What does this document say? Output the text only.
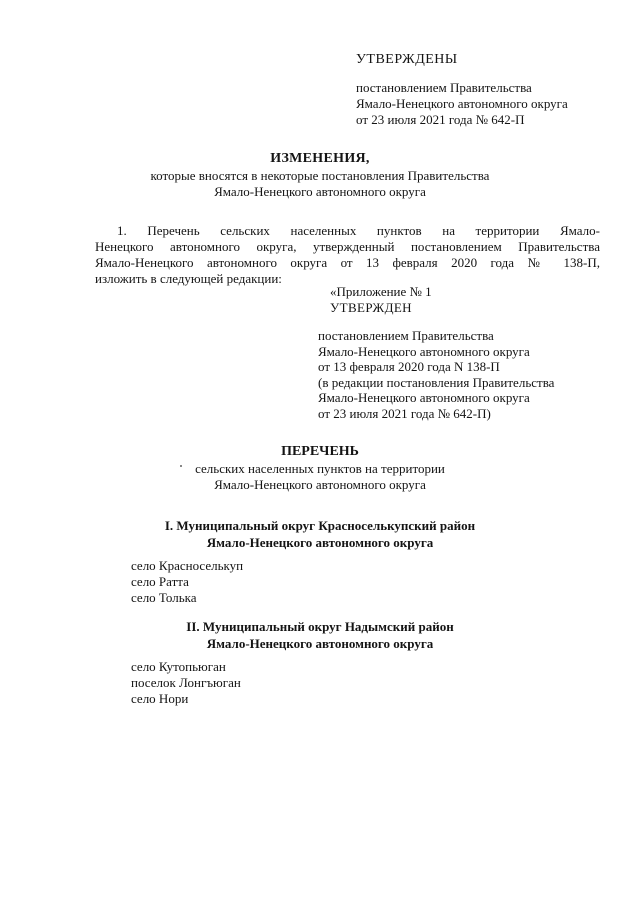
УТВЕРЖДЕНЫ
постановлением Правительства
Ямало-Ненецкого автономного округа
от 23 июля 2021 года № 642-П
ИЗМЕНЕНИЯ,
которые вносятся в некоторые постановления Правительства
Ямало-Ненецкого автономного округа
1. Перечень сельских населенных пунктов на территории Ямало-
Ненецкого автономного округа, утвержденный постановлением Правительства
Ямало-Ненецкого автономного округа от 13 февраля 2020 года № 138-П,
изложить в следующей редакции:
«Приложение № 1
УТВЕРЖДЕН
постановлением Правительства
Ямало-Ненецкого автономного округа
от 13 февраля 2020 года N 138-П
(в редакции постановления Правительства
Ямало-Ненецкого автономного округа
от 23 июля 2021 года № 642-П)
ПЕРЕЧЕНЬ
сельских населенных пунктов на территории
Ямало-Ненецкого автономного округа
I. Муниципальный округ Красноселькупский район
Ямало-Ненецкого автономного округа
село Красноселькуп
село Ратта
село Толька
II. Муниципальный округ Надымский район
Ямало-Ненецкого автономного округа
село Кутопьюган
поселок Лонгъюган
село Нори
